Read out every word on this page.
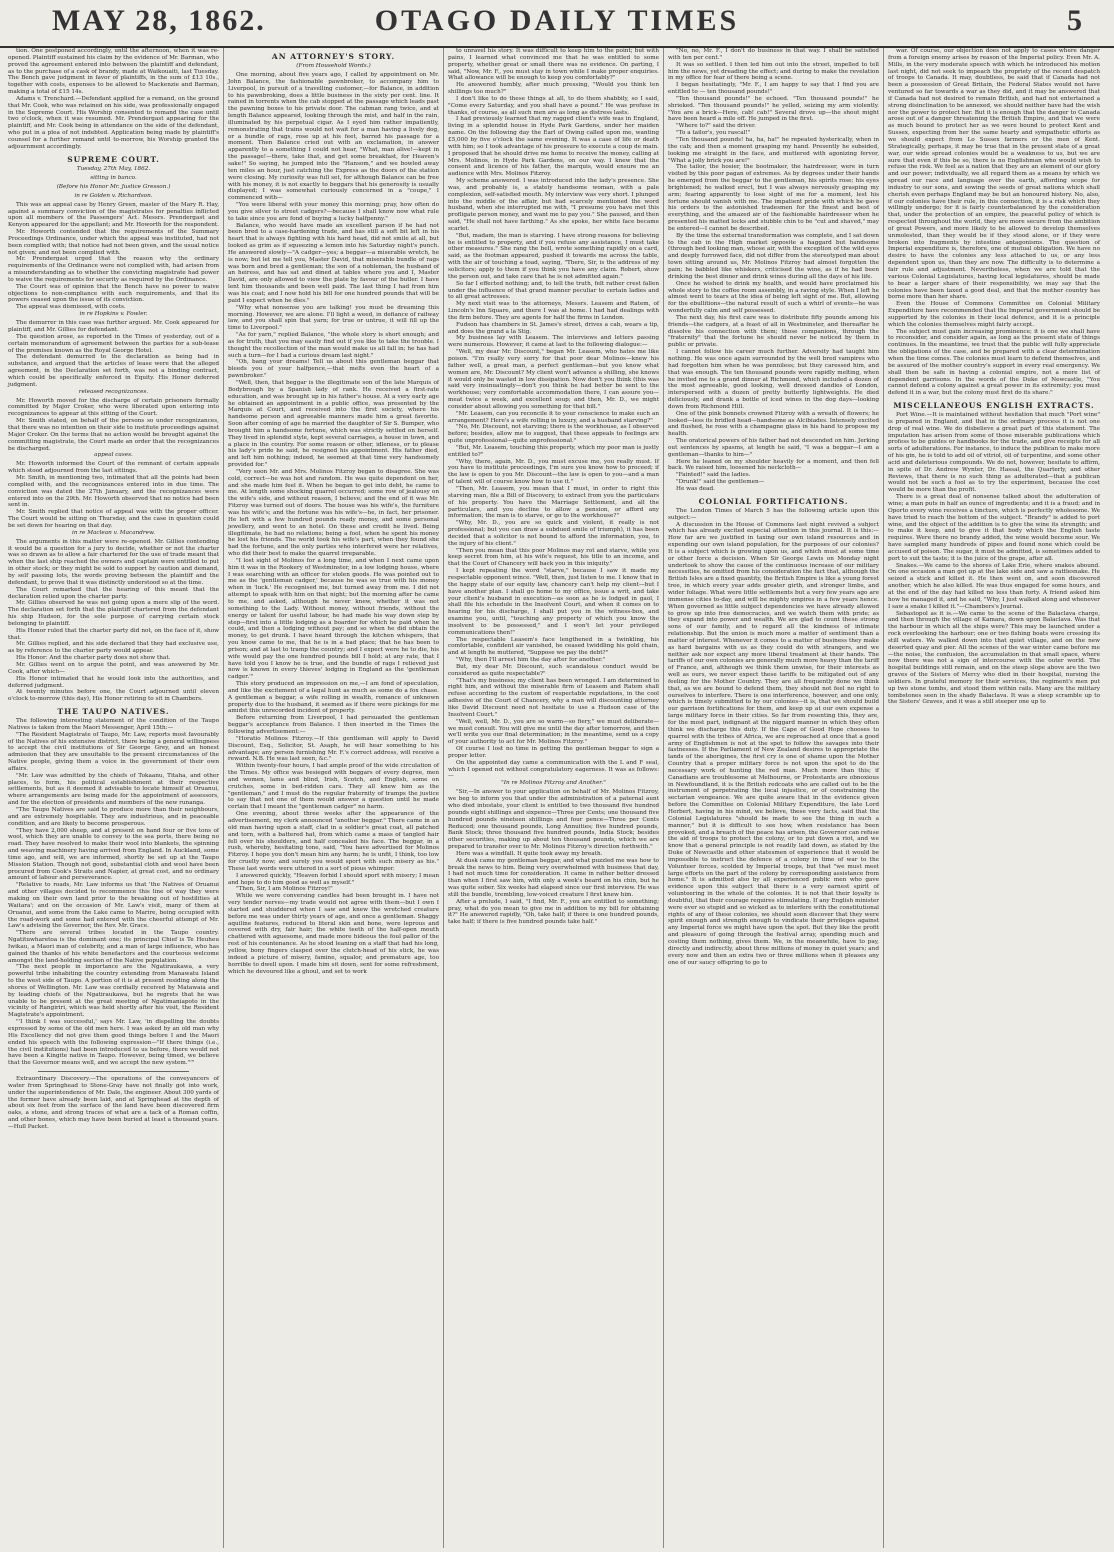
MAY 28, 1862.	OTAGO DAILY TIMES	5

tion. One postponed accordingly, until the afternoon, when it was re-opened. Plaintiff sustained his claim by the evidence of Mr. Barman, who proved the agreement entered into between the plaintiff and defendant, as to the purchase of a cask of brandy, made at Waikouaiti, last Tuesday. The Bench gave judgment in favor of plaintiffs, in the sum of £13 10s., together with costs, expenses to be allowed to Mackenzie and Barman, making a total of £15 14s.

Adams v. Trenchard.—Defendant applied for a remand, on the ground that Mr. Cook, who was retained on his side, was professionally engaged in the Supreme Court. His Worship consented to remand the case until two o'clock, when it was resumed. Mr. Prendergast appearing for the plaintiff, and Mr. Cook being in attendance on the side of the defendant, who put in a plea of not indebted. Application being made by plaintiff's counsel for a further remand until to-morrow, his Worship granted the adjournment accordingly.

SUPREME COURT.
Tuesday, 27th May, 1862.
sitting in banco.
(Before his Honor Mr. Justice Gresson.)
in re Golden v. Richardson.

This was an appeal case by Henry Green, master of the Mary R. Hay, against a summary conviction of the magistrates for penalties inflicted upon all members of the Passengers' Act. Messrs. Prendergast and Kenyon appeared for the appellant; and Mr. Howorth for the respondent.

Mr. Howorth contended that the requirements of the Summary Proceedings Ordinance, under which the appeal was instituted, had not been complied with; that notice had not been given, and the usual notice not given; and not been complied with.

Mr. Prendergast urged that the reason why the ordinary requirements of the Ordinance were not complied with, had arisen from a misunderstanding as to whether the convicting magistrate had power to waive the requirements for security as required by the Ordinance.

The Court was of opinion that the Bench have no power to waive objections to non-compliance with such requirements, and that its powers ceased upon the issue of its conviction.

The appeal was dismissed, with costs.

in re Hopkins v. Fowler.

The demurrer in this case was further argued. Mr. Cook appeared for plaintiff, and Mr. Gillies for defendant.

The question arose, as reported in the Times of yesterday, out of a certain memorandum of agreement between the parties for a sub-lease of the premises known as the Royal George Hotel.

The defendant demurred to the declaration as being bad in substance, and argued that the articles of lease were that the alleged agreement, in the Declaration set forth, was not a binding contract, which could be specifically enforced in Equity. His Honor deferred judgment.

released recognizances.

Mr. Howorth moved for the discharge of certain prisoners formally committed by Major Croker, who were liberated upon entering into recognizances to appear at this sitting of the Court.

Mr. Smith stated, on behalf of the persons so under recognizances, that there was no intention on their side to institute proceedings against Major Croker. On the terms that no action would be brought against the committing magistrate, the Court made an order that the recognizances be discharged.

appeal cases.

Mr. Howorth informed the Court of the remnant of certain appeals which stood adjourned from the last sittings.

Mr. Smith, in mentioning two, intimated that all the points had been complied with, and the recognizances entered into in due time. The conviction was dated the 27th January, and the recognizances were entered into on the 29th. Mr. Howorth observed that no notice had been sent in.

Mr. Smith replied that notice of appeal was with the proper officer. The Court would be sitting on Thursday, and the case in question could be set down for hearing on that day.

in re Maclean v. Macandrew.

The arguments in this matter were re-opened. Mr. Gillies contending it would be a question for a jury to decide, whether or not the charter was so drawn as to allow a fair chartered for the use of trade meant that when the last ship reached the owners and captain were entitled to put in other stock; or they might be sold to support by caution and demand, by self passing lots, the words proving between the plaintiff and the defendant, to prove that it was distinctly understood so at the time.

The Court remarked that the hearing of this meant that the declaration relied upon the charter party.

Mr. Gillies observed he was not going upon a mere slip of the word. The declaration set forth that the plaintiff chartered from the defendant his ship Hudson, for the sole purpose of carrying certain stock belonging to plaintiff.

His Honor ruled that the charter party did not, on the face of it, show that.

Mr. Gillies replied, and his side declared that they had exclusive use, as by reference to the charter party would appear.

His Honor: And the charter party does not show that.

Mr. Gillies went on to argue the point, and was answered by Mr. Cook, after which—

His Honor intimated that he would look into the authorities, and deferred judgment.

At twenty minutes before one, the Court adjourned until eleven o'clock to-morrow (this day), His Honor retiring to sit in Chambers.

THE TAUPO NATIVES.

The following interesting statement of the condition of the Taupo Natives is taken from the Maori Messenger, April 15th:—

"The Resident Magistrate of Taupo, Mr. Law, reports most favourably of the Natives of his extensive district, there being a general willingness to accept the civil institutions of Sir George Grey, and an honest admission that they are unsuitable to the present circumstances of the Native people, giving them a voice in the government of their own affairs.

"Mr. Law was admitted by the chiefs of Tokaanu, Titaha, and other places, to form, his political establishment at their respective settlements, but as it deemed it advisable to locate himself at Oruanui, where arrangements are being made for the appointment of assessors, and for the election of presidents and members of the new runanga.

"The Taupo Natives are said to produce more than their neighbours, and are extremely hospitable. They are industrious, and in peaceable condition, and are likely to become prosperous.

"They have 2,000 sheep, and at present on hand four or five tons of wool, which they are unable to convey to the sea ports, there being no road. They have resolved to make their wool into blankets, the spinning and weaving machinery having arrived from England. In Auckland, some time ago, and will, we are informed, shortly be set up at the Taupo Mission Station. Though not good, substantial cloth and wool have been procured from Cook's Straits and Napier, at great cost, and no ordinary amount of labour and perseverance.

"Relative to roads, Mr. Law informs us that 'the Natives of Oruanui and other villages decided to recommence this line of way they were making on their own land prior to the breaking out of hostilities at Waitara'; and on the occasion of Mr. Law's visit, many of them at Oruanui, and some from the Lake came to Marire, being occupied with the road-work and some had entered with the cheerful attempt of Mr. Law's advising the Governor, the Rev. Mr. Grace.

"There are several tribes located in the Taupo country. Ngatituwharetoa is the dominant one; its principal Chief is Te Heuheu Iwikau, a Maori man of celebrity, and a man of large influence, who has gained the thanks of his white benefactors and the courteous welcome amongst the land-holding section of the Native population.

"The next people in importance are the Ngatiraukawa, a very powerful tribe inhabiting the country extending from Manawatu Island to the west side of Taupo. A portion of it is at present residing along the shores of Wellington. Mr. Law was cordially received by Matawaia and by leading chiefs of the Ngatiraukawa, but he regrets that he was unable to be present at the great meeting of Ngatimaniapoto in the vicinity of Rangiriri, which was held shortly after his visit, the Resident Magistrate's appointment.

"'I think I was successful,' says Mr. Law, 'in dispelling the doubts expressed by some of the old men here. I was asked by an old man why His Excellency did not give them good things before I and the Maori ended his speech with the following expression—"If there things (i.e., the civil institutions) had been introduced to us before, there would not have been a Kingite native in Taupo. However, being timed, we believe that the Governor means well, and we accept the new system."'"

Extraordinary Discovery.—The operations of the conveyancers of water from Springhead to Stone-Gray have not finally got into work, under the superintendence of Mr. Dale, the engineer. About 300 yards of the former have already been laid, and at Springhead at the depth of about six feet from the surface of the land have been discovered firm oaks, a stone, and strong traces of what are a tack of a Roman coffin, and other bones, which may have been buried at least a thousand years.—Hull Packet.

AN ATTORNEY'S STORY.
(From Household Words.)

One morning, about five years ago, I called by appointment on Mr. John Balance, the fashionable pawnbroker, to accompany him to Liverpool, in pursuit of a travelling customer,—for Balance, in addition to his pawnbroking, does a little business in the sixty per cent. line. It rained in torrents when the cab stopped at the passage which leads past the pawning boxes to his private door. The cabman rang twice, and at length Balance appeared, looking through the mist, and half in the rain, illuminated by his perpetual cigar. As I eyed him rather impatiently, remonstrating that trains would not wait for a man having a lively dog, or a bundle of rags, rose up at his feet, barred his passage for a moment. Then Balance cried out with an exclamation, in answer apparently to a something I could not hear, "What, man alive!—kept in the passage!—there, take that, and get some breakfast, for Heaven's sake!" So saying, he jumped into the "Hansom," and we bowled away ten miles an hour, just catching the Express as the doors of the station were closing. My curiosity was full set, for although Balance can be free with his money, it is not exactly to beggars that his generosity is usually displayed; I was somewhat curiously concerned in a "coupe," I commenced with—

"You were liberal with your money this morning; pray, how often do you give silver to street cadgers?—because I shall know now what rule to take since you are fond of buying a lucky halfpenny."

Balance, who would have made an excellent parson if he had not been bred to a case-hardening trade, and has still a soft bit left in his heart that is always fighting with his hard head, did not smile at all, but looked as grim as if squeezing a lemon into his Saturday night's punch. He answered slowly—"A cadger—yes; a beggar—a miserable wretch, he is now; but let me tell you, Master David, that miserable bundle of rags was born and bred a gentleman; the son of a nobleman, the husband of an heiress, and has sat and dined at tables where you and I, Master David, are only allowed to view the plate by favour of the butler. I have lent him thousands and been well paid. The last thing I had from him was his coat; and I now hold his bill for one hundred pounds that will be paid I expect when he dies."

"Why what nonsense you are talking! you must be dreaming this morning. However, we are alone. I'll light a weed, in defiance of railway law, and you shall spin that yarn; for true or untrue, it will fill up the time to Liverpool."

"As for yarn," replied Balance, "the whole story is short enough; and as for truth, that you may easily find out if you like to take the trouble. I thought the recollection of the man would make us all fall in; he has had such a turn—for I had a curious dream last night."

"Oh, bang your dreams! Tell us about this gentleman beggar that bleeds you of your halfpence,—that melts even the heart of a pawnbroker."

"Well, then, that beggar is the illegitimate son of the late Marquis of Bodybrough by a Spanish lady of rank. He received a first-rate education, and was brought up in his father's house. At a very early age he obtained an appointment in a public office, was presented by the Marquis at Court, and received into the first society, where his handsome person and agreeable manners made him a great favorite. Soon after coming of age he married the daughter of Sir S. Bumper, who brought him a handsome fortune, which was strictly settled on herself. They lived in splendid style, kept several carriages, a house in town, and a place in the country. For some reason or other, idleness, or to please his lady's pride he said, he resigned his appointment. His father died, and left him nothing; indeed, he seemed at that time very handsomely provided for."

"Very soon Mr. and Mrs. Molinos Fitzroy began to disagree. She was cold, correct—he was hot and random. He was quite dependent on her, and she made him feel it. When he began to get into debt, he came to me. At length some shocking quarrel occurred; some row of jealousy on the wife's side, and without reason, I believe; and the end of it was Mr. Fitzroy was turned out of doors. The house was his wife's, the furniture was his wife's; and the fortune was his wife's—he, in fact, her prisoner. He left with a few hundred pounds ready money, and some personal jewellery, and went to an hotel. On these and credit he lived. Being illegitimate, he had no relations; being a fool, when he spent his money he lost his friends. The world took his wife's part, when they found she had the fortune, and the only parties who interfered were her relatives, who did their best to make the quarrel irreparable.

"I lost sight of Molinos for a long time, and when I next came upon him it was in the Rookery of Westminster, in a low lodging house, where I was searching with an officer for stolen goods. He was pointed out to me as the 'gentleman cadger,' because he was so true with his money when in 'luck.' He recognised me, but turned away from me. I did not attempt to speak with him on that night; but the morning after he came to me, and asked, although he never knew, whether it was not something to the Lady. Without money, without friends, without the energy or talent for useful labour, he had made his way down step by step—first into a little lodging as a boarder for which he paid when he could, and then a lodging without pay; and so when he did obtain the money, to get drunk. I have heard through the kitchen whispers, that you know came to me, that he is in a bad place; that he has been to prison; and at last to tramp the country; and I expect were he to die, his wife would pay the one hundred pounds bill I hold; at any rate, that I have told you I know he is true, and the bundle of rags I relieved just now is known in every thieves' lodging in England as the 'gentleman cadger.'"

This story produced an impression on me,—I am fond of speculation, and like the excitement of a legal hunt as much as some do a fox chase. A gentleman a beggar, a wife rolling in wealth, romance of unknown property due to the husband, it seemed as if there were pickings for me amidst this unrecorded incident of property.

Before returning from Liverpool, I had persuaded the gentleman beggar's acceptance from Balance. I then inserted in the Times the following advertisement:—

"Horatio Molinos Fitzroy.—If this gentleman will apply to David Discount, Esq., Solicitor, St. Asaph, he will hear something to his advantage; any person furnishing Mr. F.'s correct address, will receive a reward. N.B. He was last seen, &c."

Within twenty-four hours, I had ample proof of the wide circulation of the Times. My office was besieged with beggars of every degree, men and women, lame and blind, Irish, Scotch, and English, some on crutches, some in bed-ridden cars. They all knew him as the "gentleman," and I must do the regular fraternity of tramps the justice to say that not one of them would answer a question until he made certain that I meant the "gentleman cadger" no harm.

One evening, about three weeks after the appearance of the advertisement, my clerk announced "another beggar." There came in an old man having upon a staff, clad in a soldier's great coat, all patched and torn, with a battered hat, from which came a mass of tangled hair fell over his shoulders, and half concealed his face. The beggar, in a rush, whereby, hesitating tone, said, "You have advertised for Molinos Fitzroy. I hope you don't mean him any harm; he is unfit, I think, too low for cruelty now; and surely you would sport with such misery as his." These last words were uttered in a sort of pious whimper.

I answered quickly, "Heaven forbid I should sport with misery; I mean and hope to do him good as well as myself."

"Then, Sir, I am Molinos Fitzroy!"

While we were conversing candles had been brought in. I have not very tender nerves—my trade would not agree with them—but I own I started and shuddered when I saw and knew the wretched creature before me was under thirty years of age, and once a gentleman. Shaggy aquiline features, reduced to literal skin and bone, were leprous and covered with dry, fair hair; the white teeth of the half-open mouth chattered with aguesome, and made more hideous the foul pallor of the rest of his countenance. As he stood leaning on a staff that had his long, yellow, bony fingers clasped over the clutch-head of his stick, he was indeed a picture of misery, famine, squalor, and premature age, too horrible to dwell upon. I made him sit down, sent for some refreshment, which he devoured like a ghoul, and set to work

to unravel his story. It was difficult to keep him to the point; but with pains, I learned what convinced me that he was entitled to some property, whether great or small there was no evidence. On parting, I said, "Now, Mr. F., you must stay in town while I make proper enquiries. What allowance will be enough to keep you comfortably?"

He answered humbly, after much pressing, "Would you think ten shillings too much?"

I don't like to do these things at all, to do them shabbily, so I said, "Come every Saturday, and you shall have a pound." He was profuse in thanks, of course, as all such men are as long as distress lasts.

I had previously learned that my ragged client's wife was in England, living in a splendid house in Hyde Park Gardens, under her maiden name. On the following day the Earl of Owing called upon me, wanting £5,000 by five o'clock the same evening. It was a case of life or death with him; so I took advantage of his pressure to execute a coup de main. I proposed that he should drive me home to receive the money, calling at Mrs. Molinos, in Hyde Park Gardens, on our way. I knew that the consent and licence of his father, the marquis, would ensure me an audience with Mrs. Molinos Fitzroy.

My scheme answered. I was introduced into the lady's presence. She was, and probably is, a stately handsome woman, with a pale complexion, self-satisfied mouth. My interview was very short. I plunged into the middle of the affair, but had scarcely mentioned the word husband, when she interrupted me with, "I presume you have met this profligate person money, and want me to pay you." She paused, and then said, "He shall not have farthing." As she spoke, her white face became scarlet.

"But, madam, the man is starving. I have strong reasons for believing he is entitled to property, and if you refuse any assistance, I must take other measures." She rang the bell, wrote something rapidly on a card, said, as the footman appeared, pushed it towards me across the table, with the air of touching a toad, saying, "There, Sir, is the address of my solicitors; apply to them if you think you have any claim. Robert, show the person out, and take care that he is not admitted again."

So far I effected nothing; and, to tell the truth, felt rather crest fallen under the influence of that grand manner peculiar to certain ladies and to all great actresses.

My next visit was to the attorneys, Messrs. Leasem and Ratem, of Lincoln's Inn Square, and there I was at home. I had had dealings with the firm before. They are agents for half the firms in London.

Fudson has chambers in St. James's street, drives a cab, wears a tip, and does the grand a la Stig.

My business lay with Leasem. The interviews and letters passing were numerous. However, it came at last to the following dialogue:—

"Well, my dear Mr. Discount," began Mr. Leasem, who hates me like poison. "I'm really very sorry for that poor dear Molinos—knew his father well, a great man, a perfect gentleman—but you know what women are, Mr. Discount? My client won't advance a shilling, she knows it would only be wasted in low dissipation. Now don't you think (this was said very insinuatingly—don't you think he had better be sent to the workhouse; very comfortable accommodation there, I can assure you—meat twice a week, and excellent soup; and then, Mr. D., we might consider about allowing you something for that bill."

"Mr. Leasem, can you reconcile it to your conscience to make such an arrangement? Here's a wife rolling in luxury, and a husband starving?"

"No, Mr. Discount, not starving; there is the workhouse, as I observed before; besides, allow me to suggest, that these appeals to feelings are quite unprofessional—quite unprofessional."

"But, Mr. Leasem, touching this property, which my poor man is justly entitled to?"

"Why, there, again, Mr. D., you must excuse me, you really must. If you have to institute proceedings, I'm sure you know how to proceed; if the law is open to you Mr. Discount—the law is open to you—and a man of talent will of course know how to use it."

"Then, Mr. Leasem, you mean that I must, in order to right this starving man, file a Bill of Discovery, to extract from you the particulars of his property. You have the Marriage Settlement, and all the particulars, and you decline to allow a pension, or afford any information; the man is to starve, or go to the workhouse?"

"Why, Mr. D., you are so quick and violent, it really is not professional; but you can draw a subdued smile of triumph), it has been decided that a solicitor is not bound to afford the information, you, to the injury of his client."

"Then you mean that this poor Molinos may rot and starve, while you keep secret from him, at his wife's request, his title to an income, and that the Court of Chancery will back you in this iniquity."

I kept repeating the word "starve," because I saw it made my respectable opponent wince. "Well, then, just listen to me. I know that in the happy state of our equity law, chancery can't help my client—but I have another plan. I shall go home to my office, issue a writ, and take your client's husband in execution—as soon as he is lodged in gaol, I shall file his schedule in the Insolvent Court, and when it comes on to hearing for his discharge, I shall put you in the witness-box, and examine you, until, "touching any property of which you know the insolvent to be possessed," and I won't let your privileged communications then!"

The respectable Leasem's face lengthened in a twinkling, his comfortable, confident air vanished, he ceased twiddling his gold chain, and at length he muttered, "Suppose we pay the debt?"

"Why, then I'll arrest him the day after for another."

But, my dear Mr. Discount, such scandalous conduct would be considered as quite respectable?"

"That's my business; my client has been wronged. I am determined to right him, and without the miserable firm of Leasem and Ratem shall refuse according to the custom of respectable reputations, in the cool adhesive of the Court of Chancery, why a man will discounting attorney like David Discount need not hesitate to use a Hudson case of the Insolvent Court."

"Well, well, Mr. D., you are so warm—so fiery," we must deliberate—we must consult. You will give me until the day after tomorrow, and then we'll write you our final determination; in the meantime, send us a copy of your authority to act for Mr. Molinos Fitzroy."

Of course I lost no time in getting the gentleman beggar to sign a proper letter.

On the appointed day came a communication with the L and F seal, which I opened not without congratulatory eagerness. It was as follows:—

"In re Molinos Fitzroy and Another."

"Sir,—In answer to your application on behalf of Mr. Molinos Fitzroy, we beg to inform you that under the administration of a paternal aunt who died intestate, your client is entitled to two thousand five hundred pounds eight shillings and sixpence—Three per Cents; one thousand five hundred pounds nineteen shillings and four pence—Three per Cents Reduced; one thousand pounds, Long Annuities; five hundred pounds, Bank Stock; three thousand five hundred pounds, India Stock; besides other securities, making up about ten thousand pounds, which we are prepared to transfer over to Mr. Molinos Fitzroy's direction forthwith."

Here was a windfall. It quite took away my breath.

At dusk came my gentleman beggar, and what puzzled me was how to break the news to him. Being very overwhelmed with business that day, I had not much time for consideration. It came in rather better dressed than when I first saw him, with only a week's beard on his chin, but he was quite sober. Six weeks had elapsed since our first interview. He was still the bundle, trembling, low-voiced creature I first knew him.

After a prelude, I said, "I find, Mr. F., you are entitled to something; pray, what do you mean to give me in addition to my bill for obtaining it?" He answered rapidly, "Oh, take half; if there is one hundred pounds, take half; if there is five hundred pounds take half."

"No, no, Mr. F., I don't do business in that way. I shall be satisfied with ten per cent."

It was so settled. I then led him out into the street, impelled to tell him the news, yet dreading the effect; and during to make the revelation in my office for fear of there being a scene.

I began hesitatingly, "Mr. F., I am happy to say that I find you are entitled to — ten thousand pounds!"

"Ten thousand pounds!" he echoed. "Ten thousand pounds!" he shrieked. "Ten thousand pounds!" he yelled, seizing my arm violently. "You are a brick—Here, cab! cab!" Several drove up—the shout might have been heard a mile off. He jumped in the first.

"Where to?" said the driver.

"To a tailor's, you rascal!"

"Ten thousand pounds! ha, ha, ha!" he repeated hysterically, when in the cab; and then a moment grasping my hand. Presently he subsided, looking me straight in the face, and muttered with agonizing fervor, "What a jolly brick you are!"

The tailor, the hosier, the bootmaker, the hairdresser, were in turn visited by this poor pagan of extremes. As by degrees under their hands he emerged from the beggar to the gentleman, his spirits rose; his eyes brightened; he walked erect, but I was always nervously grasping my arm; fearing apparently to lose sight of me for a moment, lest his fortune should vanish with me. The impatient pride with which he gave his orders to the astonished tradesmen for the finest and best of everything, and the amazed air of the fashionable hairdresser when he presented his matted locks and stubble chin to be "cut and shaved," may be entered—I cannot be described.

By the time the external transformation was complete, and I sat down to the cab in the High market opposite a haggard but handsome (through bed looking man, whose air, with the exception of the wild eyes and deeply furrowed face, did not differ from the stereotyped man about town sitting around us, Mr. Molinos Fitzroy had almost forgotten the pain; he babbled like whiskers, criticised the wine, as if he had been drinking the best dinner and drink wines during all the days of his life.

Once he wished to drink my health, and would have proclaimed his whole story to the coffee room assembly, in a raving style. When I left he almost went to tears at the idea of being left sight of me. But, allowing for the ebullitions—the natural result of such a whirl of events—he was wonderfully calm and self possessed.

The next day, his first care was to distribute fifty pounds among his friends—the cadgers, at a feast of all in Westminster, and thereafter he dissolve his connection with them; those companions, through the "fraternity" that the fortune he should never be noticed by them in public or private.

I cannot follow his career much further. Adversity had taught him nothing. He was once again surrounded by the well bred vampires who had forgotten him when he was penniless; but they caressed him, and that was enough. The ten thousand pounds were rapidly melting, when he invited me to a grand dinner at Richmond, which included a dozen of the most agreeable, good looking, well dressed dandies of London, interspersed with a dozen of pretty butterfly lightweights. He died deliciously, and drank a bottle of iced wines in the dog days—looking down from Richmond Hill.

One of the pink bonnets crowned Fitzroy with a wreath of flowers; he looked—less its bridled head—handsome as Alcibiades. Intensely excited and flushed, he rose with a champagne glass in his hand to propose my health.

The oratorical powers of his father had not descended on him. Jerking out sentences by spasms, at length he said, "I was a beggar—I am a gentleman—thanks to him—"

Here he leaned on my shoulder heavily for a moment, and then fell back. We raised him, loosened his neckcloth—

"Fainted!" said the ladies.

"Drunk!" said the gentlemen—

He was dead.

COLONIAL FORTIFICATIONS.

The London Times of March 5 has the following article upon this subject:—

A discussion in the House of Commons last night revived a subject which has already excited especial attention in this journal. It is this:—How far are we justified in taxing our own island resources and in expending our own island population, for the purposes of our colonies? It is a subject which is growing upon us, and which must at some time or other force a decision. When Sir George Lewis on Monday night undertook to show the cause of the continuous increase of our military necessities, he omitted from his consideration the fact that, although the British Isles are a fixed quantity, the British Empire is like a young forest tree, in which every year adds greater girth, and stronger limbs, and wider foliage. What were little settlements but a very few years ago are immense cities to-day, and will be mighty empires in a few years hence. When governed as little subject dependencies we have already allowed to grow up into free democracies, and we watch them with pride; as they expand into power and wealth. We are glad to count these strong sons of our family, and to regard all the kindness of intimate relationship. But the union is much more a matter of sentiment than a matter of interest. Whenever it comes to a matter of business they make as hard bargains with us as they could do with strangers, and we neither ask nor expect any more liberal treatment at their hands. The tariffs of our own colonies are generally much more heavy than the tariff of France, and, although we think them unwise, for their interests as well as ours, we never expect these tariffs to be mitigated out of any feeling for the Mother Country. They are all frequently done we think that, as we are bound to defend them, they should not feel no right to ourselves to interfere. There is one interference, however, and one only, which is timely submitted to by our colonies—it is, that we should build our garrison fortifications for them, and keep up at our own expense a large military force in their cities. So far from resenting this, they are, for the most part, indignant at the niggard manner in which they often think we discharge this duty. If the Cape of Good Hope chooses to quarrel with the tribes of Africa, we are reproached at once that a good army of Englishmen is not at the spot to follow the savages into their fastnesses. If the Parliament of New Zealand desires to appropriate the lands of the aborigines, the first cry is one of shame upon the Mother Country that a proper military force is not upon the spot to do the necessary work of hunting the red man. Much more than this; if Canadians are troublesome at Melbourne, or Protestants are obnoxious in Newfoundland, it is the British redcoats who are called out to be the instrument of perpetrating the local injustice, or of constraining the sectarian vengeance. We are quite aware that in the evidence given before the Committee on Colonial Military Expenditure, the late Lord Herbert, having in his mind, we believe, these very facts, said that the Colonial Legislatures "should be made to see the thing in such a manner," but it is difficult to see how, when resistance has been provoked, and a breach of the peace has arisen, the Governor can refuse the aid of troops to protect the colony, or to put down a riot, and we know that a general principle is not readily laid down, as stated by the Duke of Newcastle and other statesmen of experience that it would be impossible to instruct the defence of a colony in time of war to the Volunteer forces, scolded by Imperial troops, but that "we must meet large efforts on the part of the colony by corresponding assistance from home." It is admitted also by all experienced public men who gave evidence upon this subject that there is a very earnest spirit of volunteering in the whole of the colonies. It is not that their loyalty is doubtful, that their courage requires stimulating. If any English minister were ever so stupid and so wicked as to interfere with the constitutional rights of any of these colonies, we should soon discover that they were spirit enough and strength enough to vindicate their privileges against any Imperial force we might have upon the spot. But they like the profit and pleasure of going through the festival array, spending much and costing them nothing, gives them. We, in the meanwhile, have to pay, directly and indirectly, about three millions of money in quiet years; and every now and then an extra two or three millions when it pleases any one of our saucy offspring to go to

war. Of course, our objection does not apply to cases where danger from a foreign enemy arises by reason of the Imperial policy. Even Mr. A. Mills, in the very moderate speech with which he introduced his motion last night, did not seek to impeach the propriety of the recent despatch of troops to Canada. It may, doubtless, be said that if Canada had not been a possession of Great Britain, the Federal States would not have ventured so far towards a war as they did, and it may be answered that if Canada had not desired to remain British, and had not entertained a strong disinclination to be annexed, we should neither have had the wish nor the power to protect her. But it is enough that the danger to Canada arose out of a danger threatening the British Empire, and that we were as much bound to protect her as we were bound to protect Kent and Sussex, expecting from her the same hearty and sympathetic efforts as we should expect from Lo Sussex farmers or the men of Kent. Strategically, perhaps, it may be true that in the present state of a great war, our wide spread colonies would be a weakness to us, but we are sure that even if this be so, there is no Englishman who would wish to refuse the risk. We feel as a nation that they are an element of our glory and our power; individually, we all regard them as a means by which we spread our race and language over the earth, affording scope for industry to our sons, and sowing the seeds of great nations which shall cherish even perhaps England may be but an honoured history. No, also, if our colonies have their rule, in this connection, it is a risk which they willingly undergo; for it is fairly counterbalanced by the consideration that, under the protection of an empire, the peaceful policy of which is respected throughout the world, they are more secure from the ambition of great Powers, and more likely to be allowed to develop themselves unmolested, than they would be if they stood alone, or if they were broken into fragments by intestine antagonisms. The question of Imperial expenditure is, therefore, one of mutual obligation. We have no desire to have the colonies any less attached to us, or any less dependent upon us, than they are now. The difficulty is to determine a fair rule and adjustment. Nevertheless, when we are told that the various Colonial Legislatures, having local legislatures, should be made to bear a larger share of their responsibility, we may say that the colonies have been taxed a good deal, and that the mother country has borne more than her share.

Even the House of Commons Committee on Colonial Military Expenditure have recommended that the Imperial government should be supported by the colonies in their local defence, and it is a principle which the colonies themselves might fairly accept.

The subject must gain increasing prominence; it is one we shall have to reconsider, and consider again, as long as the present state of things continues. In the meantime, we trust that the public will fully appreciate the obligations of the case, and be prepared with a clear determination when the time comes. The colonies must learn to defend themselves, and be assured of the mother country's support in every real emergency. We shall then be safe in having a colonial empire, not a mere list of dependent garrisons. In the words of the Duke of Newcastle, "You cannot defend a colony against a great power in its extremity; you must defend it in a war, but the colony must first do its share."

MISCELLANEOUS ENGLISH EXTRACTS.

Port Wine.—It is maintained without hesitation that much "Port wine" is prepared in England, and that in the ordinary process it is not one drop of real wine. We do disbelieve a great part of this statement. The imputation has arisen from some of those miserable publications which profess to be guides or handbooks for the trade, and give receipts for all sorts of adulterations. For instance, to induce the publican to make more of his gin, he is told to add oil of vitriol, oil of turpentine, and some other acid and deleterious compounds. We do not, however, hesitate to affirm, in spite of Dr. Andrew Wynter, Dr. Hassal, the Quarterly, and other Reviews, that there is no such thing as adulterated—that a publican would not be such a fool as to try the experiment, because the cost would be more than the profit.

There is a great deal of nonsense talked about the adulteration of wine; a man puts in half an ounce of ingredients; and it is a fraud; and in Oporto every wine receives a tincture, which is perfectly wholesome. We have tried to reach the bottom of the subject. "Brandy" is added to port wine, and the object of the addition is to give the wine its strength; and to make it keep, and to give it that body which the English taste requires. Were there no brandy added, the wine would become sour. We have sampled many hundreds of pipes and found none which could be accused of poison. The sugar, it must be admitted, is sometimes added to port to suit the taste; it is the juice of the grape, after all.

Snakes.—We came to the shores of Lake Erie, where snakes abound. On one occasion a man got up at the lake side and saw a rattlesnake. He seized a stick and killed it. He then went on, and soon discovered another, which he also killed. He was thus engaged for some hours, and at the end of the day had killed no less than forty. A friend asked him how he managed it, and he said, "Why, I just walked along and whenever I saw a snake I killed it."—Chambers's Journal.

Sebastopol as it is.—We came to the scene of the Balaclava charge, and then through the village of Kamara, down upon Balaclava. Was that the harbour in which all the ships were? This may be launched under a rock overlooking the harbour; one or two fishing boats were crossing its still waters. We walked down into that quiet village, and on the new deserted quay and pier. All the scenes of the war winter came before me—the noise, the confusion, the accumulation in that small space, where now there was not a sign of intercourse with the outer world. The hospital buildings still remain, and on the steep slope above are the two graves of the Sisters of Mercy who died in their hospital, nursing the soldiers. In grateful memory for their services, the regiment's men put up two stone tombs, and stood them within rails. Many are the military tombstones seen in the shady Balaclava. It was a steep scramble up to the Sisters' Graves, and it was a still steeper one up to
